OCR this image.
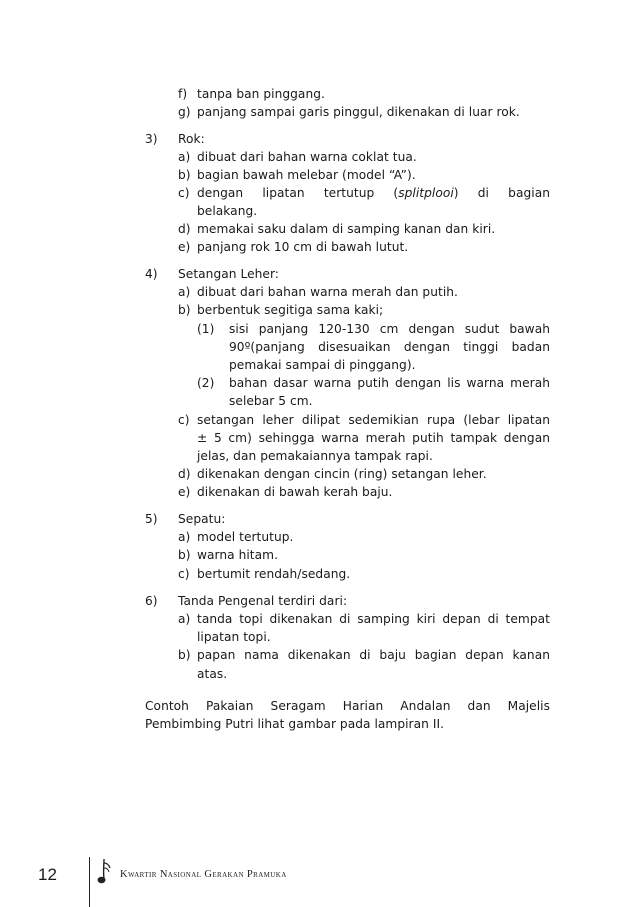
f) tanpa ban pinggang.
g) panjang sampai garis pinggul, dikenakan di luar rok.
3) Rok:
a) dibuat dari bahan warna coklat tua.
b) bagian bawah melebar (model “A”).
c) dengan lipatan tertutup (splitplooi) di bagian
belakang.
d) memakai saku dalam di samping kanan dan kiri.
e) panjang rok 10 cm di bawah lutut.
4) Setangan Leher:
a) dibuat dari bahan warna merah dan putih.
b) berbentuk segitiga sama kaki;
(1) sisi panjang 120-130 cm dengan sudut bawah
90º(panjang disesuaikan dengan tinggi badan
pemakai sampai di pinggang).
(2) bahan dasar warna putih dengan lis warna merah
selebar 5 cm.
c) setangan leher dilipat sedemikian rupa (lebar lipatan
± 5 cm) sehingga warna merah putih tampak dengan
jelas, dan pemakaiannya tampak rapi.
d) dikenakan dengan cincin (ring) setangan leher.
e) dikenakan di bawah kerah baju.
5) Sepatu:
a) model tertutup.
b) warna hitam.
c) bertumit rendah/sedang.
6) Tanda Pengenal terdiri dari:
a) tanda topi dikenakan di samping kiri depan di tempat
lipatan topi.
b) papan nama dikenakan di baju bagian depan kanan
atas.
Contoh Pakaian Seragam Harian Andalan dan Majelis
Pembimbing Putri lihat gambar pada lampiran II.
12	Kwartir Nasional Gerakan Pramuka
